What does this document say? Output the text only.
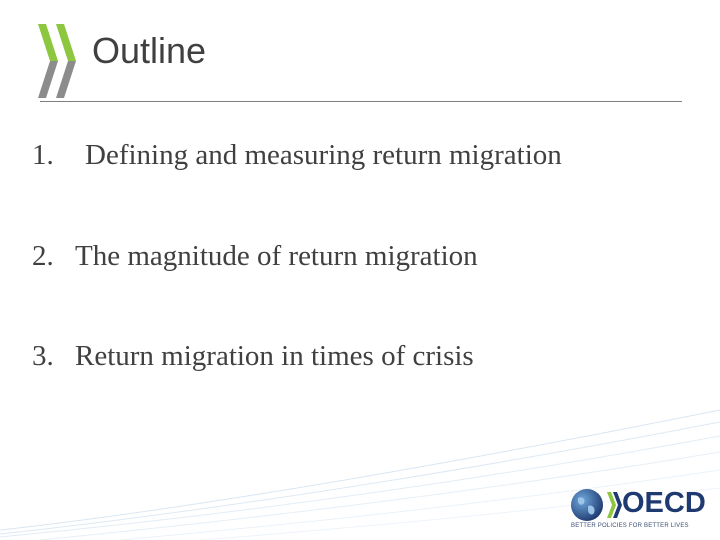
Outline
1. Defining and measuring return migration
2. The magnitude of return migration
3. Return migration in times of crisis
OECD
BETTER POLICIES FOR BETTER LIVES
